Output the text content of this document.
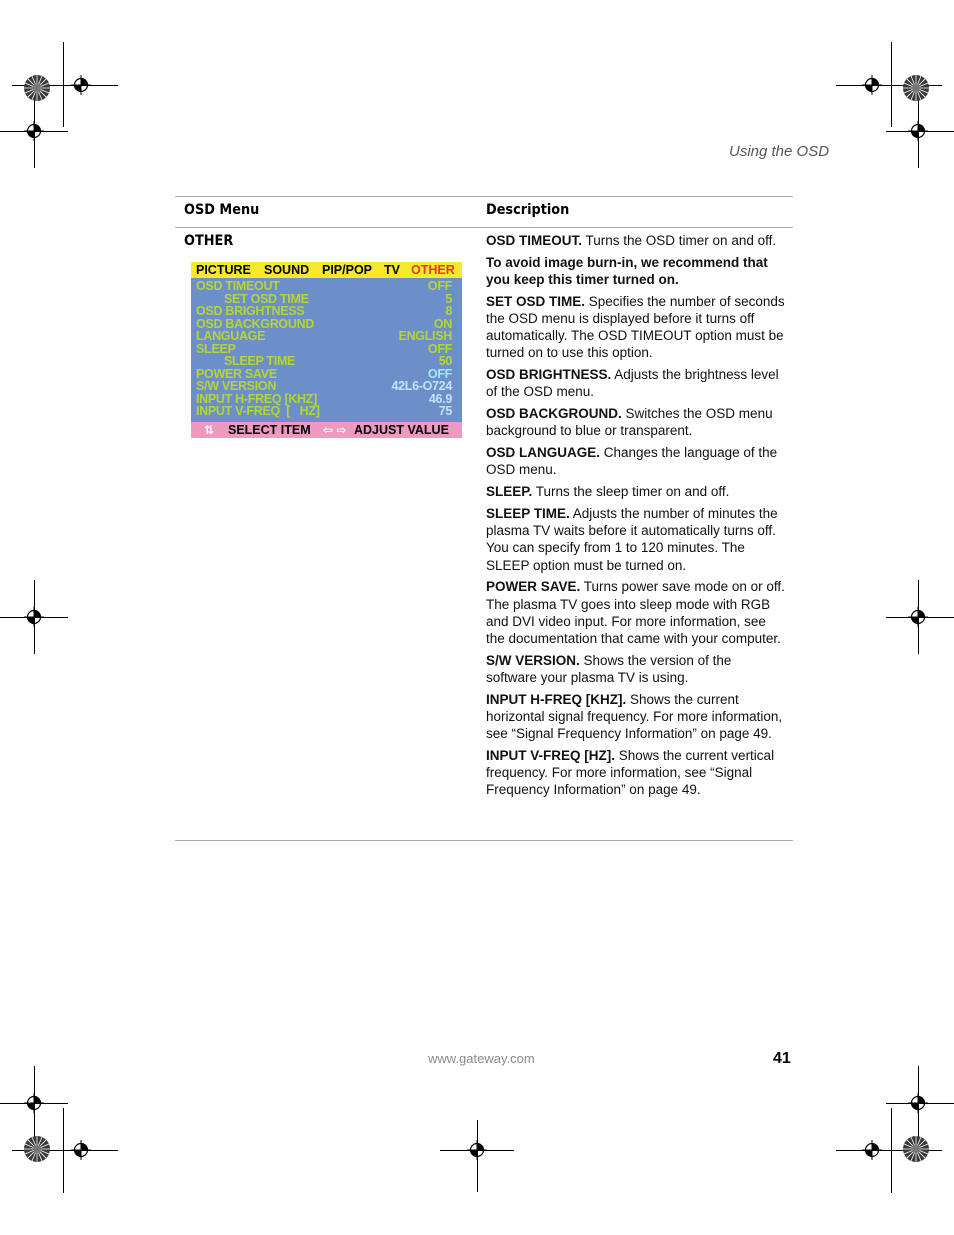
Using the OSD
OSD Menu	Description
OTHER
PICTURE SOUND PIP/POP TV OTHER
OSD TIMEOUT	OFF
SET OSD TIME	5
OSD BRIGHTNESS	8
OSD BACKGROUND	ON
LANGUAGE	ENGLISH
SLEEP	OFF
SLEEP TIME	50
POWER SAVE	OFF
S/W VERSION	42L6-O724
INPUT H-FREQ [KHZ]	46.9
INPUT V-FREQ  [   HZ]	75
⇅ SELECT ITEM ⇦ ⇨ ADJUST VALUE

OSD TIMEOUT. Turns the OSD timer on and off.

To avoid image burn-in, we recommend that you keep this timer turned on.

SET OSD TIME. Specifies the number of seconds the OSD menu is displayed before it turns off automatically. The OSD TIMEOUT option must be turned on to use this option.

OSD BRIGHTNESS. Adjusts the brightness level of the OSD menu.

OSD BACKGROUND. Switches the OSD menu background to blue or transparent.

OSD LANGUAGE. Changes the language of the OSD menu.

SLEEP. Turns the sleep timer on and off.

SLEEP TIME. Adjusts the number of minutes the plasma TV waits before it automatically turns off. You can specify from 1 to 120 minutes. The SLEEP option must be turned on.

POWER SAVE. Turns power save mode on or off. The plasma TV goes into sleep mode with RGB and DVI video input. For more information, see the documentation that came with your computer.

S/W VERSION. Shows the version of the software your plasma TV is using.

INPUT H-FREQ [KHZ]. Shows the current horizontal signal frequency. For more information, see “Signal Frequency Information” on page 49.

INPUT V-FREQ [HZ]. Shows the current vertical frequency. For more information, see “Signal Frequency Information” on page 49.

www.gateway.com	41
